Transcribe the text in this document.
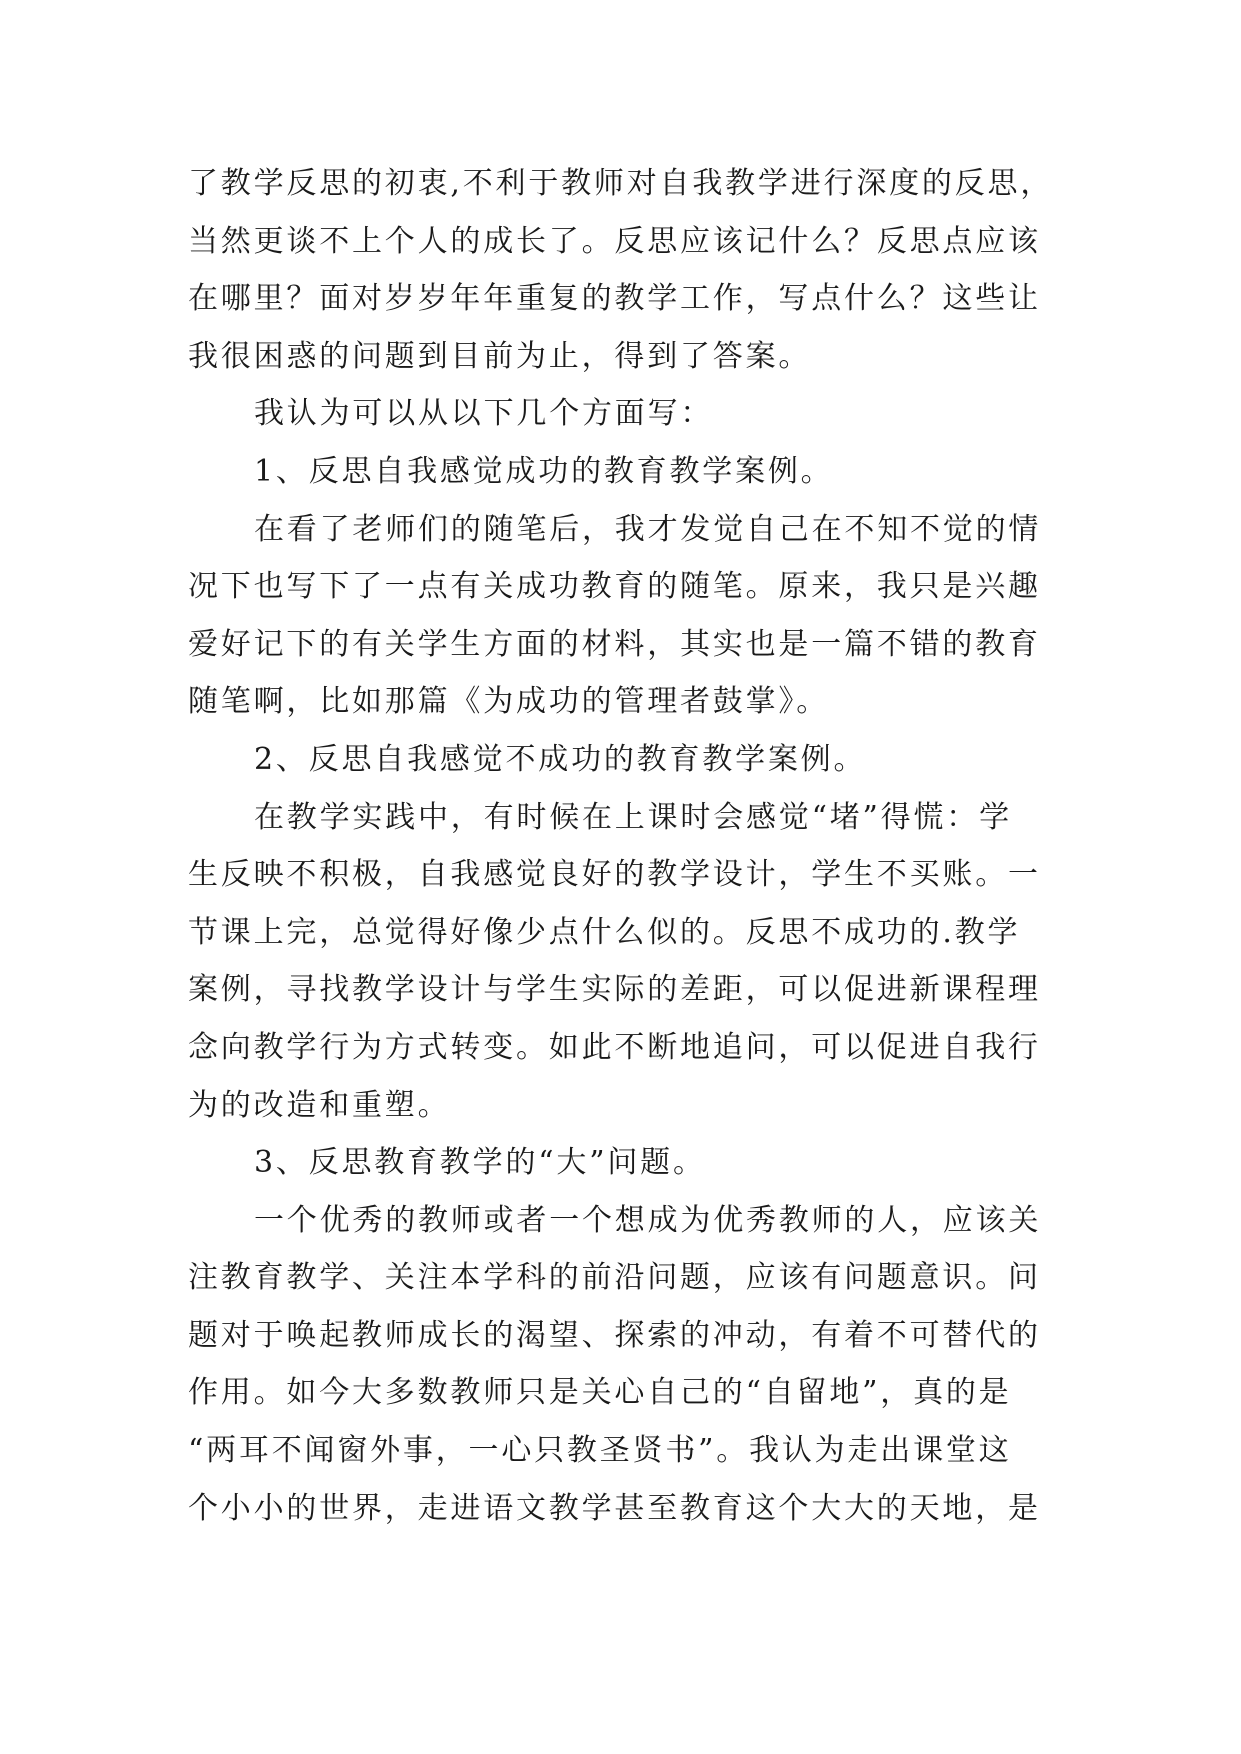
了教学反思的初衷,不利于教师对自我教学进行深度的反思，
当然更谈不上个人的成长了。反思应该记什么？反思点应该
在哪里？面对岁岁年年重复的教学工作，写点什么？这些让
我很困惑的问题到目前为止，得到了答案。
我认为可以从以下几个方面写：
1、反思自我感觉成功的教育教学案例。
在看了老师们的随笔后，我才发觉自己在不知不觉的情
况下也写下了一点有关成功教育的随笔。原来，我只是兴趣
爱好记下的有关学生方面的材料，其实也是一篇不错的教育
随笔啊，比如那篇《为成功的管理者鼓掌》。
2、反思自我感觉不成功的教育教学案例。
在教学实践中，有时候在上课时会感觉“堵”得慌：学
生反映不积极，自我感觉良好的教学设计，学生不买账。一
节课上完，总觉得好像少点什么似的。反思不成功的.教学
案例，寻找教学设计与学生实际的差距，可以促进新课程理
念向教学行为方式转变。如此不断地追问，可以促进自我行
为的改造和重塑。
3、反思教育教学的“大”问题。
一个优秀的教师或者一个想成为优秀教师的人，应该关
注教育教学、关注本学科的前沿问题，应该有问题意识。问
题对于唤起教师成长的渴望、探索的冲动，有着不可替代的
作用。如今大多数教师只是关心自己的“自留地”，真的是
“两耳不闻窗外事，一心只教圣贤书”。我认为走出课堂这
个小小的世界，走进语文教学甚至教育这个大大的天地，是
